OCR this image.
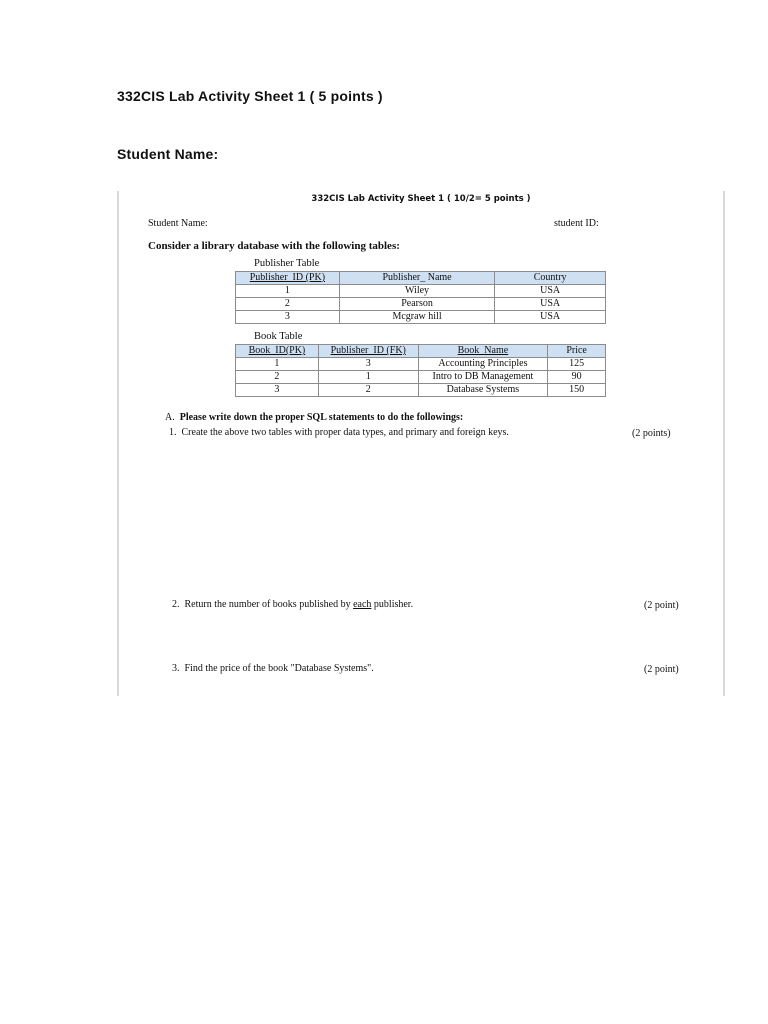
332CIS Lab Activity Sheet 1 ( 5 points )
Student Name:
332CIS Lab Activity Sheet 1 ( 10/2= 5 points )
Student Name:	student ID:
Consider a library database with the following tables:
Publisher Table
Publisher_ID (PK)	Publisher_ Name	Country
1	Wiley	USA
2	Pearson	USA
3	Mcgraw hill	USA
Book Table
Book_ID(PK)	Publisher_ID (FK)	Book_Name	Price
1	3	Accounting Principles	125
2	1	Intro to DB Management	90
3	2	Database Systems	150
A. Please write down the proper SQL statements to do the followings:
1. Create the above two tables with proper data types, and primary and foreign keys.	(2 points)
2. Return the number of books published by each publisher.	(2 point)
3. Find the price of the book "Database Systems".	(2 point)
